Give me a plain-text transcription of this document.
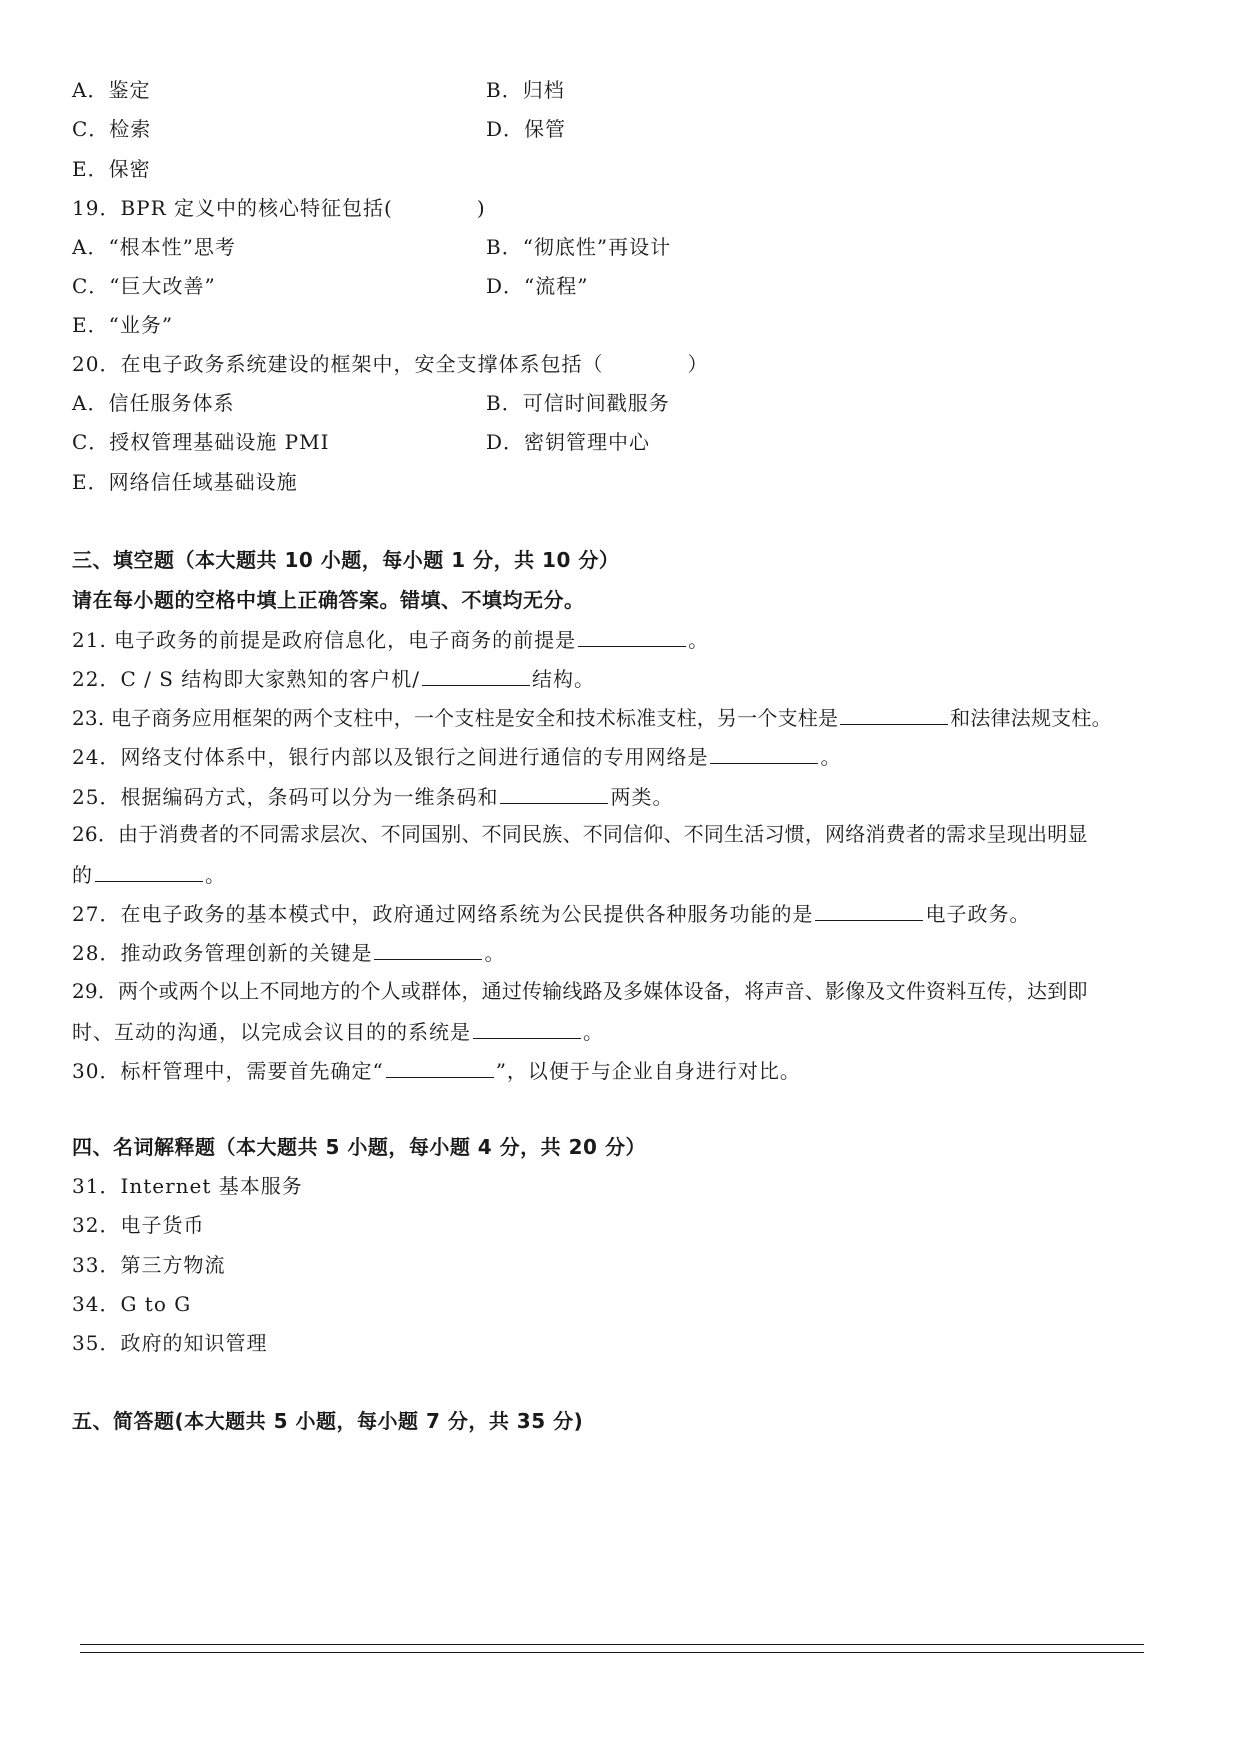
A．鉴定	B．归档
C．检索	D．保管
E．保密
19．BPR 定义中的核心特征包括(　　　　)
A．“根本性”思考	B．“彻底性”再设计
C．“巨大改善”	D．“流程”
E．“业务”
20．在电子政务系统建设的框架中，安全支撑体系包括（　　　　）
A．信任服务体系	B．可信时间戳服务
C．授权管理基础设施 PMI	D．密钥管理中心
E．网络信任域基础设施
三、填空题（本大题共 10 小题，每小题 1 分，共 10 分）
请在每小题的空格中填上正确答案。错填、不填均无分。
21. 电子政务的前提是政府信息化，电子商务的前提是	。
22．C / S 结构即大家熟知的客户机/	结构。
23. 电子商务应用框架的两个支柱中，一个支柱是安全和技术标准支柱，另一个支柱是	和法律法规支柱。
24．网络支付体系中，银行内部以及银行之间进行通信的专用网络是	。
25．根据编码方式，条码可以分为一维条码和	两类。
26．由于消费者的不同需求层次、不同国别、不同民族、不同信仰、不同生活习惯，网络消费者的需求呈现出明显
的	。
27．在电子政务的基本模式中，政府通过网络系统为公民提供各种服务功能的是	电子政务。
28．推动政务管理创新的关键是	。
29．两个或两个以上不同地方的个人或群体，通过传输线路及多媒体设备，将声音、影像及文件资料互传，达到即
时、互动的沟通，以完成会议目的的系统是	。
30．标杆管理中，需要首先确定“	”，以便于与企业自身进行对比。
四、名词解释题（本大题共 5 小题，每小题 4 分，共 20 分）
31．Internet 基本服务
32．电子货币
33．第三方物流
34．G to G
35．政府的知识管理
五、简答题(本大题共 5 小题，每小题 7 分，共 35 分)
